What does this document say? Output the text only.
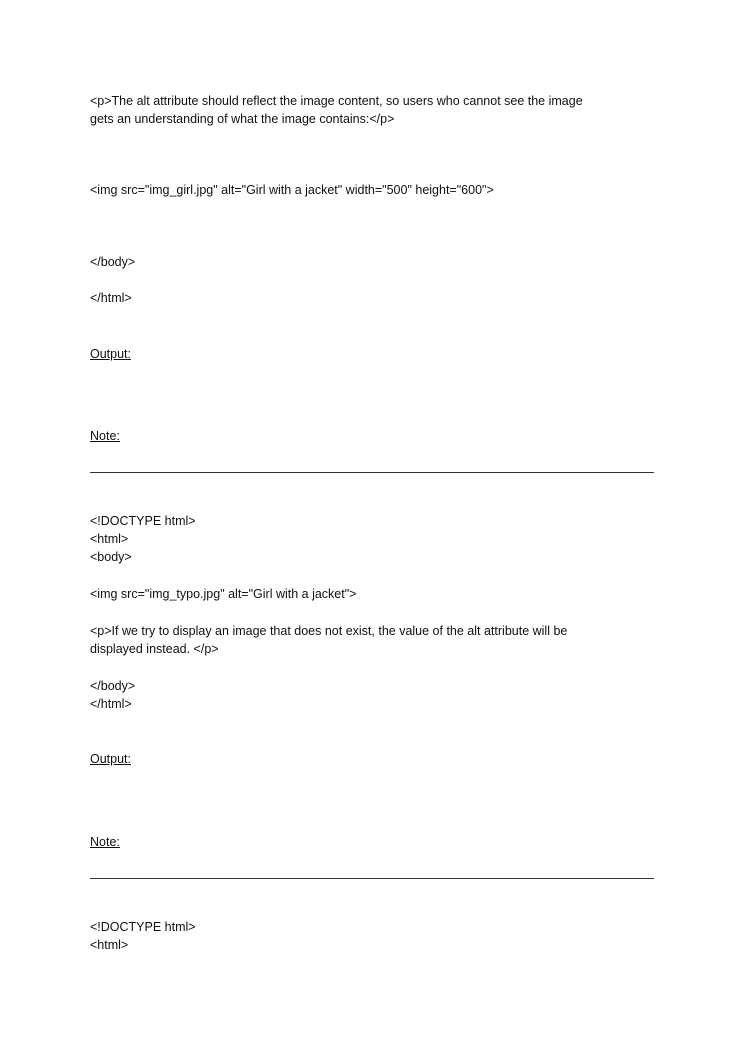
<p>The alt attribute should reflect the image content, so users who cannot see the image
gets an understanding of what the image contains:</p>
<img src="img_girl.jpg" alt="Girl with a jacket" width="500" height="600">
</body>
</html>
Output:
Note:
<!DOCTYPE html>
<html>
<body>
<img src="img_typo.jpg" alt="Girl with a jacket">
<p>If we try to display an image that does not exist, the value of the alt attribute will be
displayed instead. </p>
</body>
</html>
Output:
Note:
<!DOCTYPE html>
<html>
